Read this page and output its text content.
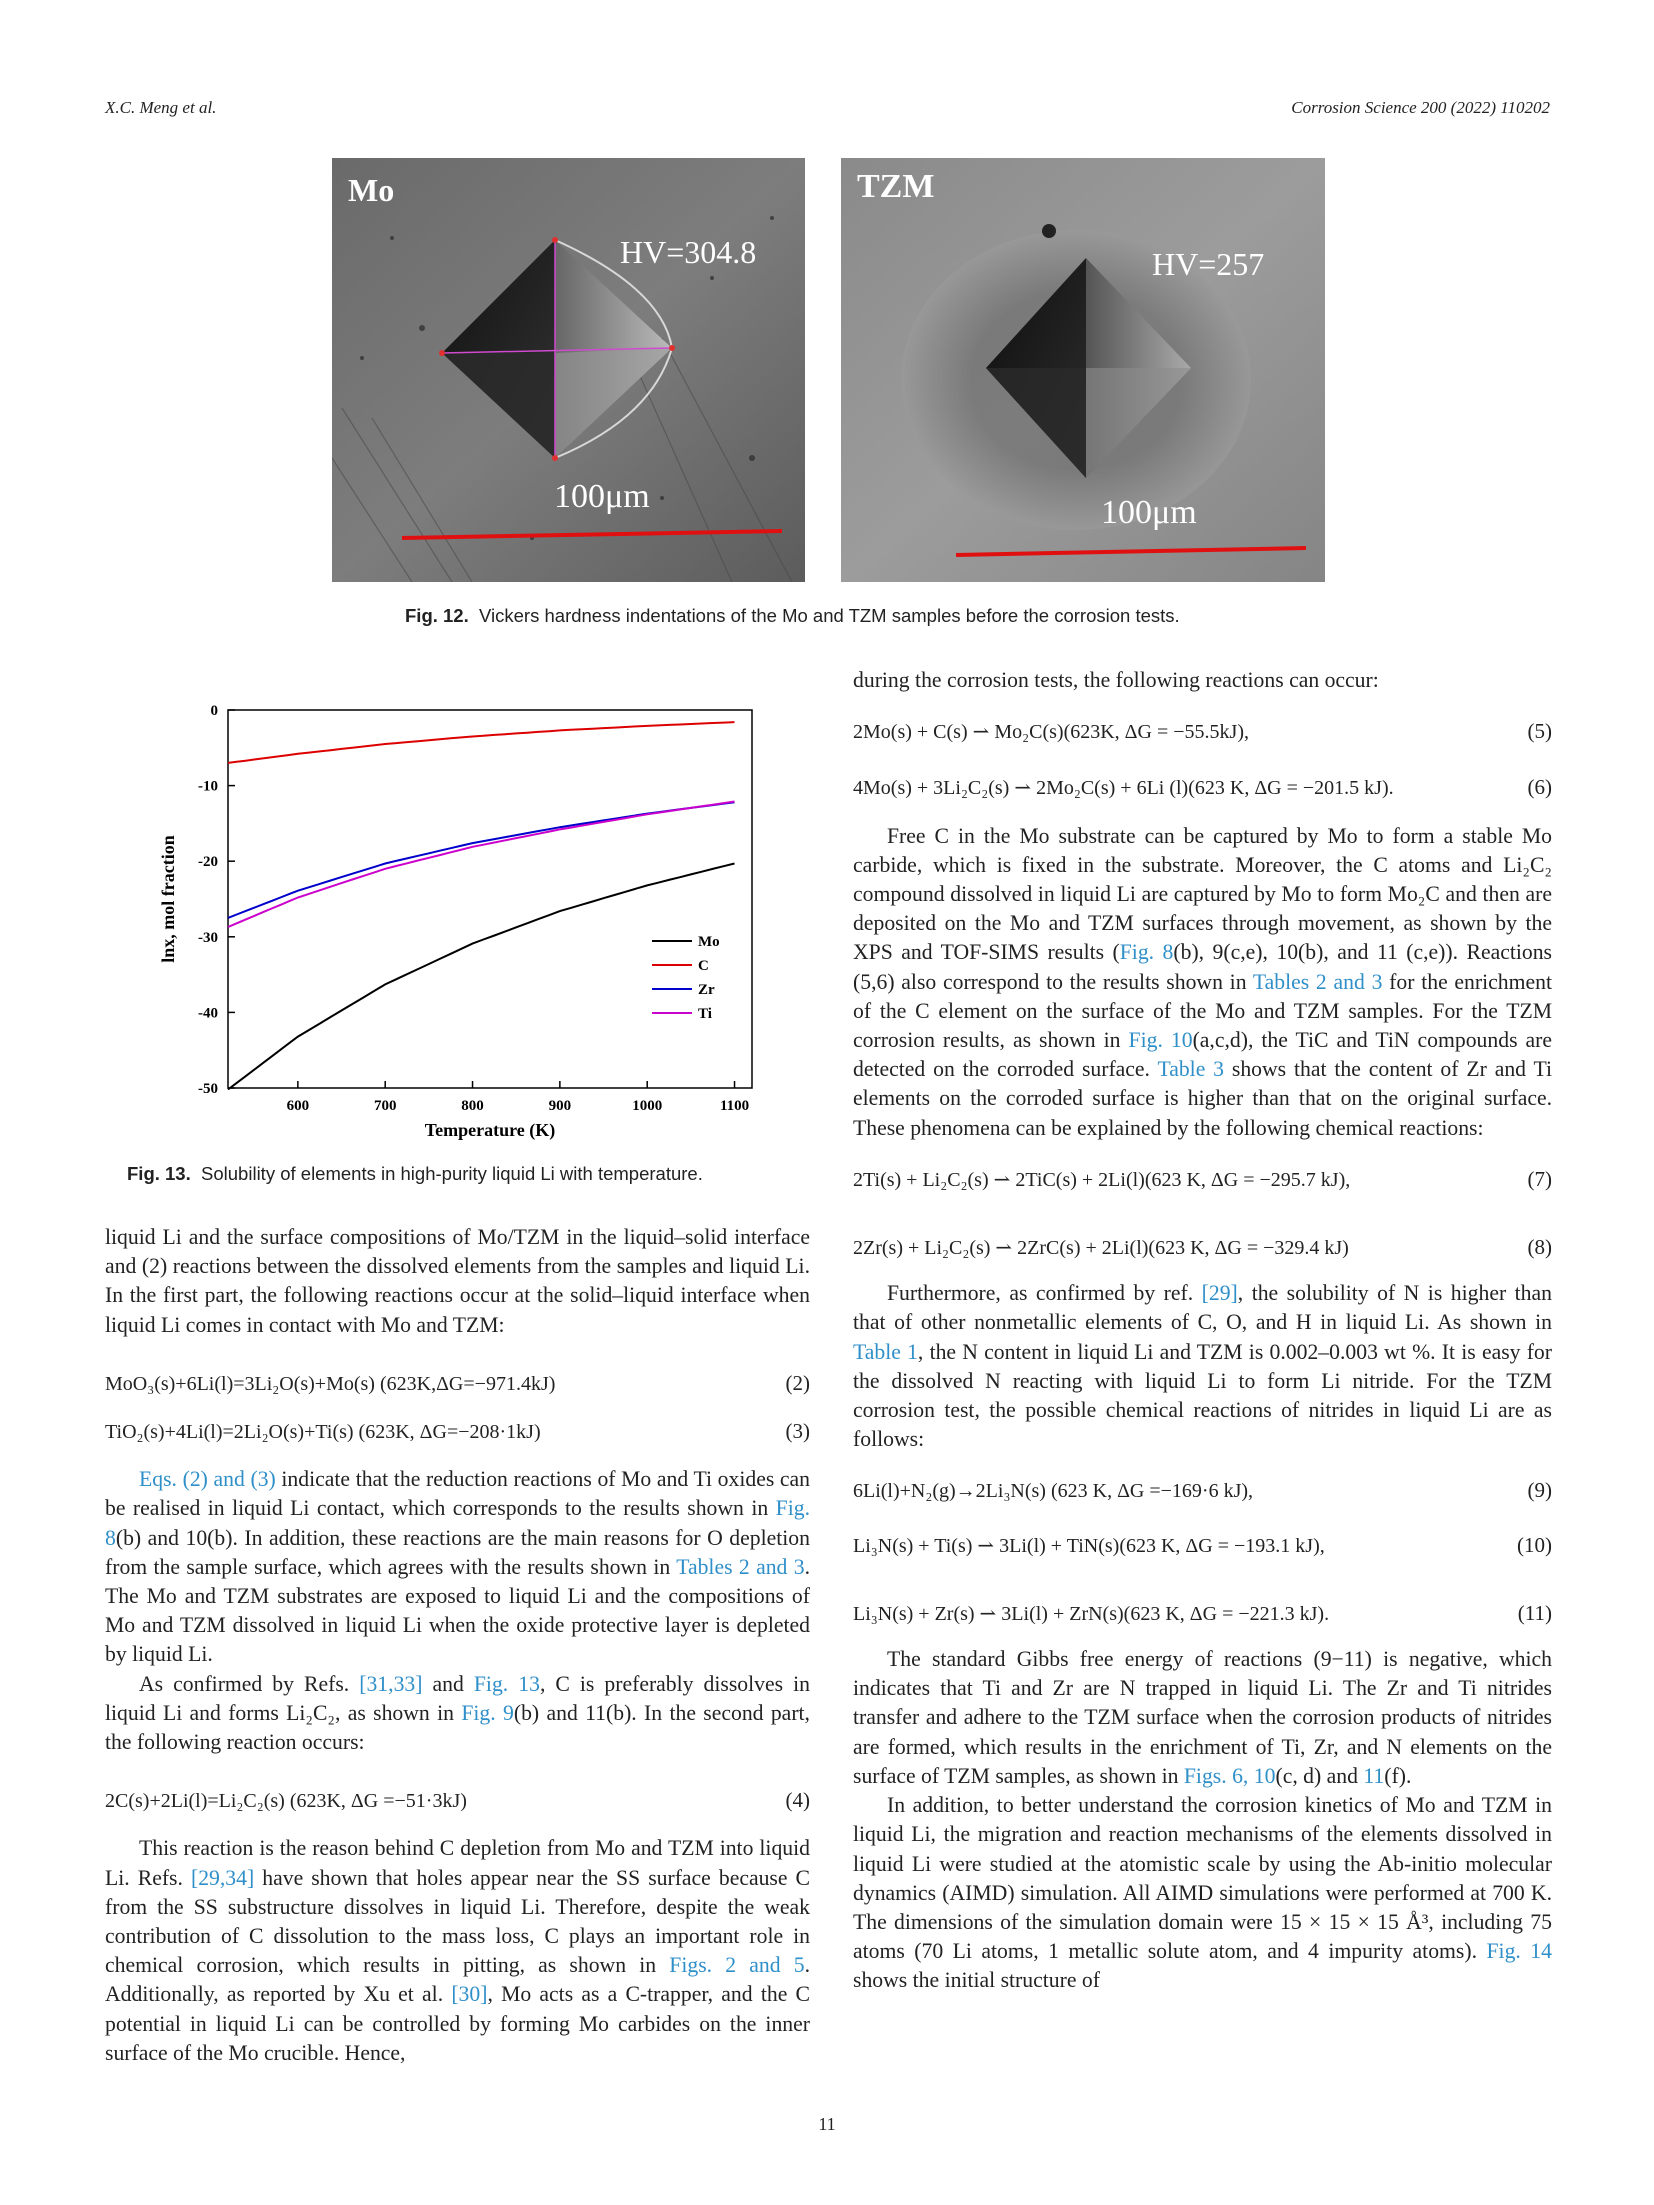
X.C. Meng et al.	Corrosion Science 200 (2022) 110202
Mo
HV=304.8
100μm
TZM
HV=257
100μm
Fig. 12. Vickers hardness indentations of the Mo and TZM samples before the corrosion tests.
600	700	800	900	1000	1100
0
-10
-20
-30
-40
-50
Temperature (K)
lnx, mol fraction	Mo
C
Zr
Ti
Fig. 13. Solubility of elements in high-purity liquid Li with temperature.

liquid Li and the surface compositions of Mo/TZM in the liquid–solid interface and (2) reactions between the dissolved elements from the samples and liquid Li. In the first part, the following reactions occur at the solid–liquid interface when liquid Li comes in contact with Mo and TZM:

MoO₃(s)+6Li(l)=3Li₂O(s)+Mo(s) (623K,ΔG=−971.4kJ)	(2)
TiO₂(s)+4Li(l)=2Li₂O(s)+Ti(s) (623K, ΔG=−208·1kJ)	(3)

Eqs. (2) and (3) indicate that the reduction reactions of Mo and Ti oxides can be realised in liquid Li contact, which corresponds to the results shown in Fig. 8(b) and 10(b). In addition, these reactions are the main reasons for O depletion from the sample surface, which agrees with the results shown in Tables 2 and 3. The Mo and TZM substrates are exposed to liquid Li and the compositions of Mo and TZM dissolved in liquid Li when the oxide protective layer is depleted by liquid Li.

As confirmed by Refs. [31,33] and Fig. 13, C is preferably dissolves in liquid Li and forms Li₂C₂, as shown in Fig. 9(b) and 11(b). In the second part, the following reaction occurs:

2C(s)+2Li(l)=Li₂C₂(s) (623K, ΔG =−51·3kJ)	(4)

This reaction is the reason behind C depletion from Mo and TZM into liquid Li. Refs. [29,34] have shown that holes appear near the SS surface because C from the SS substructure dissolves in liquid Li. Therefore, despite the weak contribution of C dissolution to the mass loss, C plays an important role in chemical corrosion, which results in pitting, as shown in Figs. 2 and 5. Additionally, as reported by Xu et al. [30], Mo acts as a C-trapper, and the C potential in liquid Li can be controlled by forming Mo carbides on the inner surface of the Mo crucible. Hence,

during the corrosion tests, the following reactions can occur:

2Mo(s) + C(s) ⇀ Mo₂C(s)(623K, ΔG = −55.5kJ),	(5)
4Mo(s) + 3Li₂C₂(s) ⇀ 2Mo₂C(s) + 6Li (l)(623 K, ΔG = −201.5 kJ).	(6)

Free C in the Mo substrate can be captured by Mo to form a stable Mo carbide, which is fixed in the substrate. Moreover, the C atoms and Li₂C₂ compound dissolved in liquid Li are captured by Mo to form Mo₂C and then are deposited on the Mo and TZM surfaces through movement, as shown by the XPS and TOF-SIMS results (Fig. 8(b), 9(c,e), 10(b), and 11 (c,e)). Reactions (5,6) also correspond to the results shown in Tables 2 and 3 for the enrichment of the C element on the surface of the Mo and TZM samples. For the TZM corrosion results, as shown in Fig. 10(a,c,d), the TiC and TiN compounds are detected on the corroded surface. Table 3 shows that the content of Zr and Ti elements on the corroded surface is higher than that on the original surface. These phenomena can be explained by the following chemical reactions:

2Ti(s) + Li₂C₂(s) ⇀ 2TiC(s) + 2Li(l)(623 K, ΔG = −295.7 kJ),	(7)
2Zr(s) + Li₂C₂(s) ⇀ 2ZrC(s) + 2Li(l)(623 K, ΔG = −329.4 kJ)	(8)

Furthermore, as confirmed by ref. [29], the solubility of N is higher than that of other nonmetallic elements of C, O, and H in liquid Li. As shown in Table 1, the N content in liquid Li and TZM is 0.002–0.003 wt %. It is easy for the dissolved N reacting with liquid Li to form Li nitride. For the TZM corrosion test, the possible chemical reactions of nitrides in liquid Li are as follows:

6Li(l)+N₂(g)→2Li₃N(s) (623 K, ΔG =−169·6 kJ),	(9)
Li₃N(s) + Ti(s) ⇀ 3Li(l) + TiN(s)(623 K, ΔG = −193.1 kJ),	(10)
Li₃N(s) + Zr(s) ⇀ 3Li(l) + ZrN(s)(623 K, ΔG = −221.3 kJ).	(11)

The standard Gibbs free energy of reactions (9−11) is negative, which indicates that Ti and Zr are N trapped in liquid Li. The Zr and Ti nitrides transfer and adhere to the TZM surface when the corrosion products of nitrides are formed, which results in the enrichment of Ti, Zr, and N elements on the surface of TZM samples, as shown in Figs. 6, 10(c, d) and 11(f).

In addition, to better understand the corrosion kinetics of Mo and TZM in liquid Li, the migration and reaction mechanisms of the elements dissolved in liquid Li were studied at the atomistic scale by using the Ab-initio molecular dynamics (AIMD) simulation. All AIMD simulations were performed at 700 K. The dimensions of the simulation domain were 15 × 15 × 15 Å³, including 75 atoms (70 Li atoms, 1 metallic solute atom, and 4 impurity atoms). Fig. 14 shows the initial structure of

11
